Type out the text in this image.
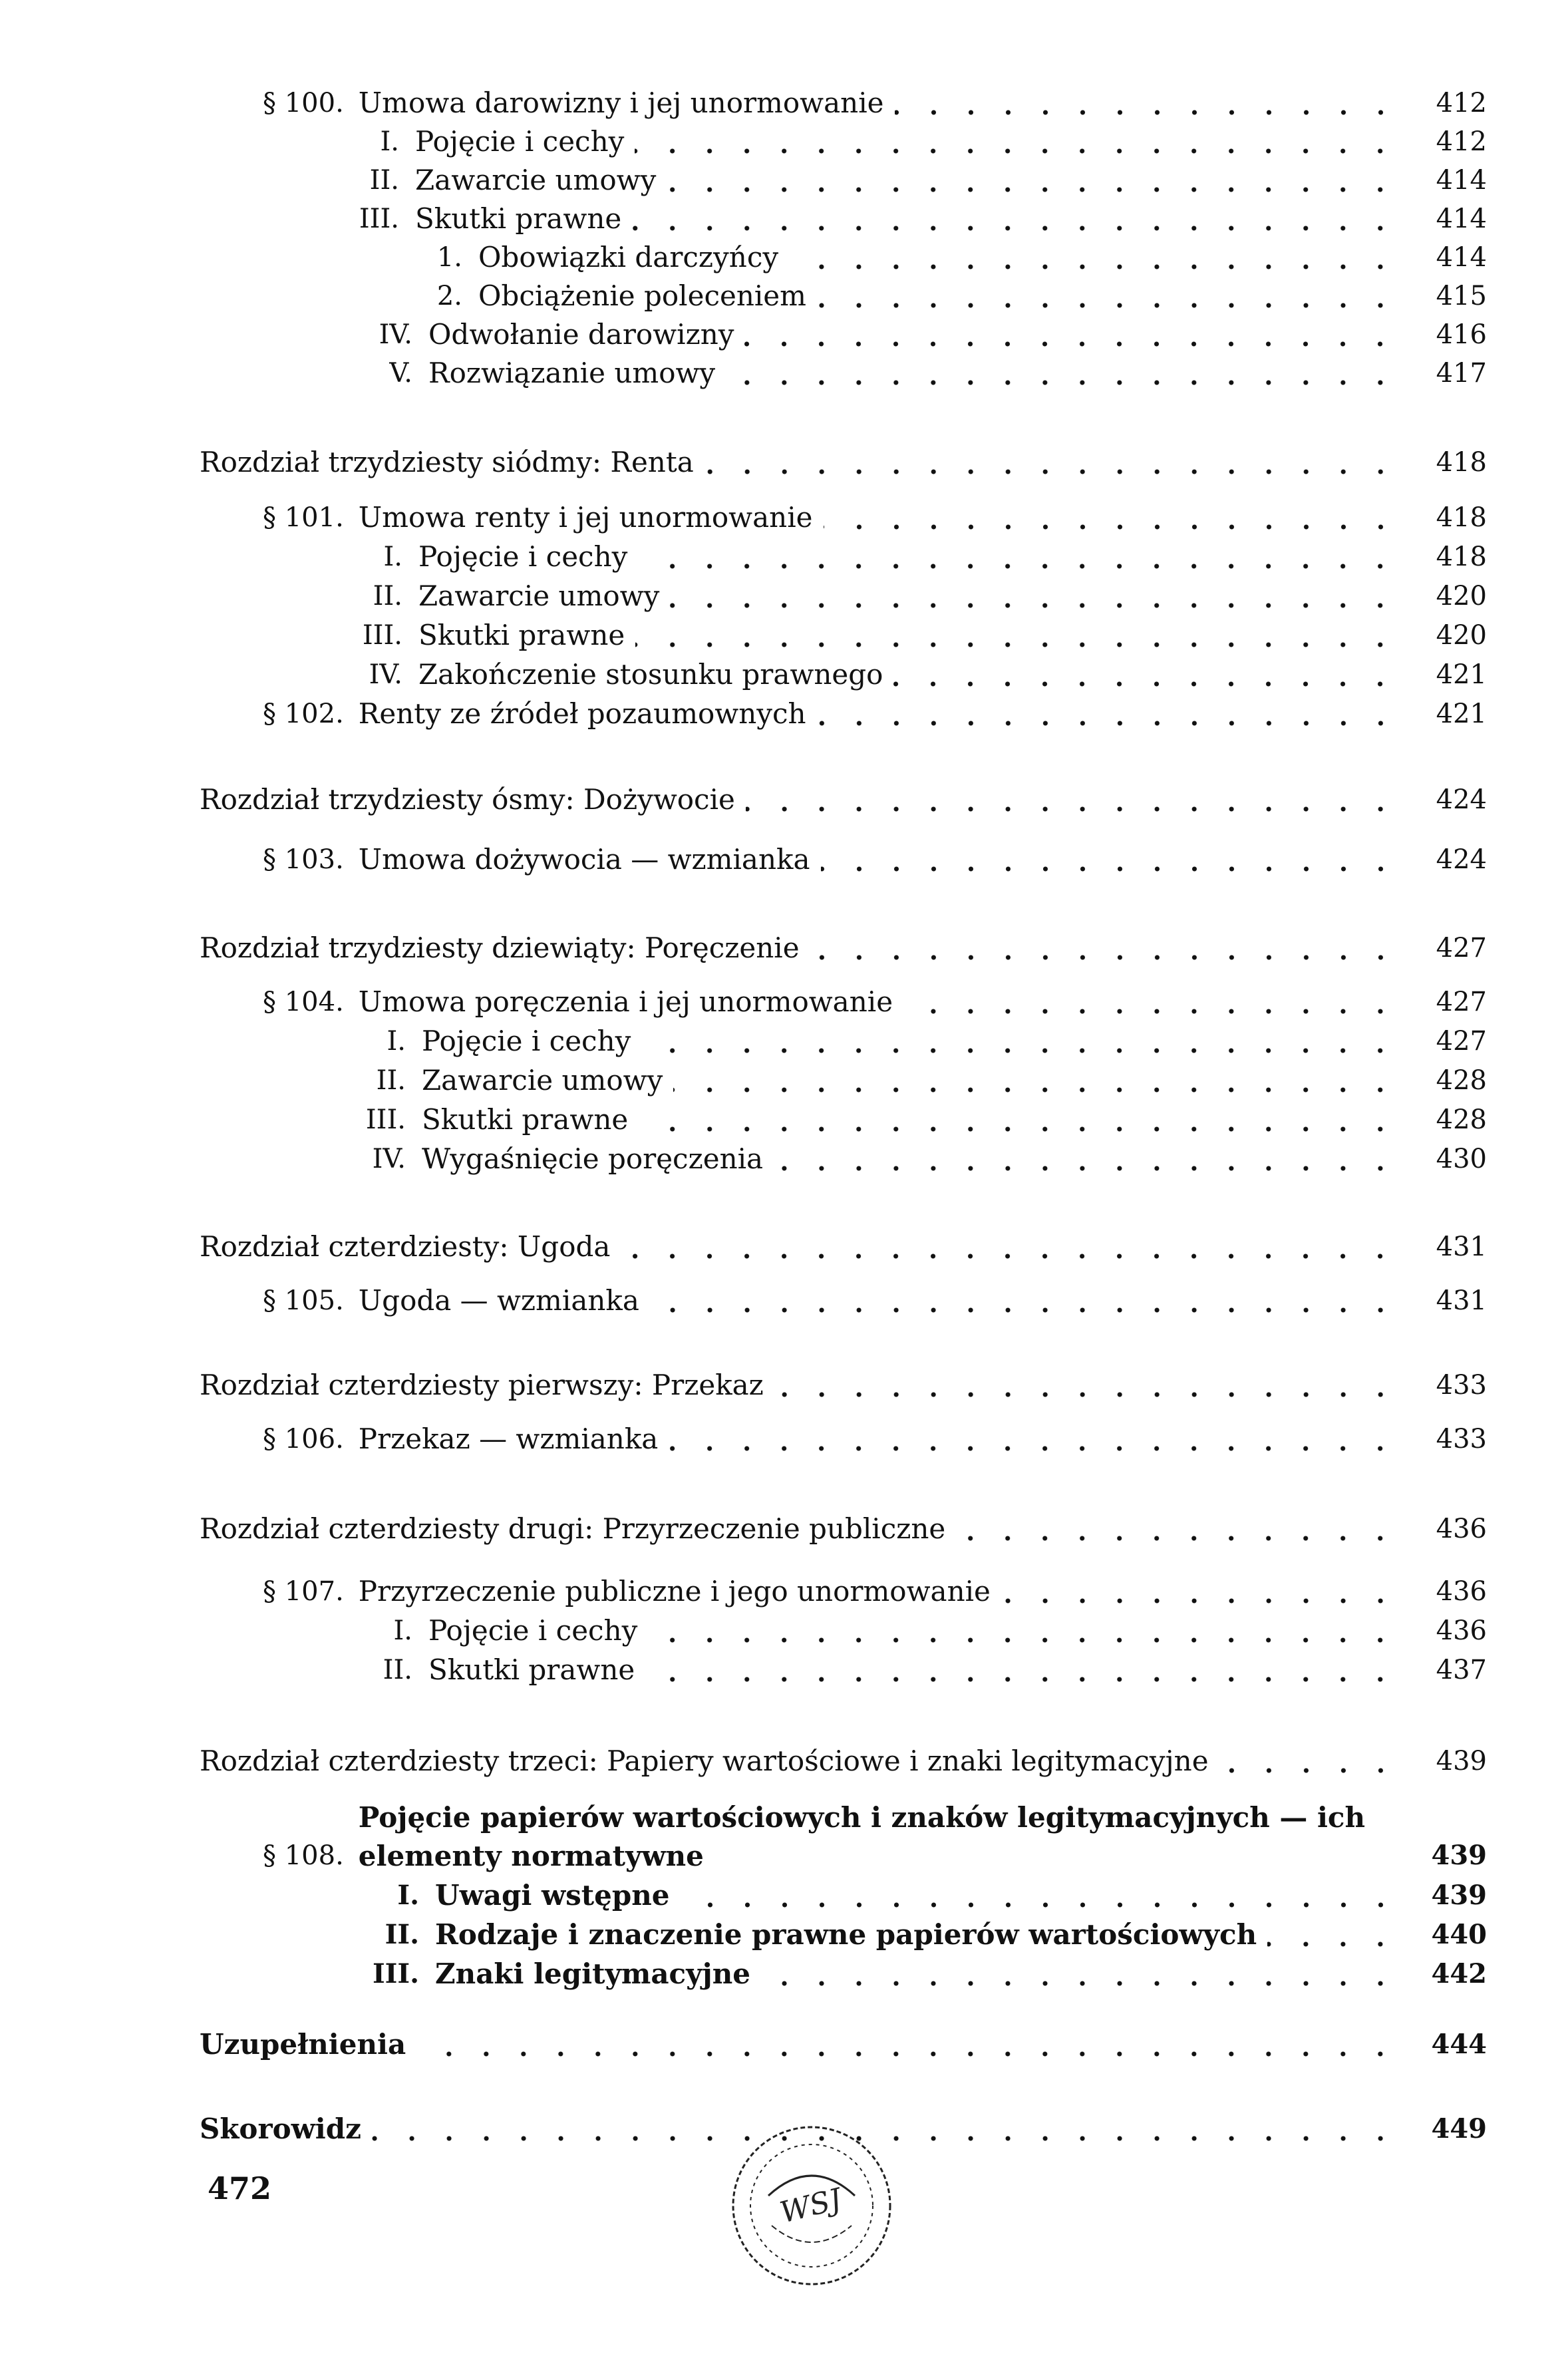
§ 100. Umowa darowizny i jej unormowanie	412
I. Pojęcie i cechy	412
II. Zawarcie umowy	414
III. Skutki prawne	414
1. Obowiązki darczyńcy	414
2. Obciążenie poleceniem	415
IV. Odwołanie darowizny	416
V. Rozwiązanie umowy	417
Rozdział trzydziesty siódmy: Renta	418
§ 101. Umowa renty i jej unormowanie	418
I. Pojęcie i cechy	418
II. Zawarcie umowy	420
III. Skutki prawne	420
IV. Zakończenie stosunku prawnego	421
§ 102. Renty ze źródeł pozaumownych	421
Rozdział trzydziesty ósmy: Dożywocie	424
§ 103. Umowa dożywocia — wzmianka	424
Rozdział trzydziesty dziewiąty: Poręczenie	427
§ 104. Umowa poręczenia i jej unormowanie	427
I. Pojęcie i cechy	427
II. Zawarcie umowy	428
III. Skutki prawne	428
IV. Wygaśnięcie poręczenia	430
Rozdział czterdziesty: Ugoda	431
§ 105. Ugoda — wzmianka	431
Rozdział czterdziesty pierwszy: Przekaz	433
§ 106. Przekaz — wzmianka	433
Rozdział czterdziesty drugi: Przyrzeczenie publiczne	436
§ 107. Przyrzeczenie publiczne i jego unormowanie	436
I. Pojęcie i cechy	436
II. Skutki prawne	437
Rozdział czterdziesty trzeci: Papiery wartościowe i znaki legitymacyjne	439
§ 108.
Pojęcie papierów wartościowych i znaków legitymacyjnych — ich elementy normatywne	439
I. Uwagi wstępne	439
II. Rodzaje i znaczenie prawne papierów wartościowych	440
III. Znaki legitymacyjne	442
Uzupełnienia	444
Skorowidz	449
472	WSJ
